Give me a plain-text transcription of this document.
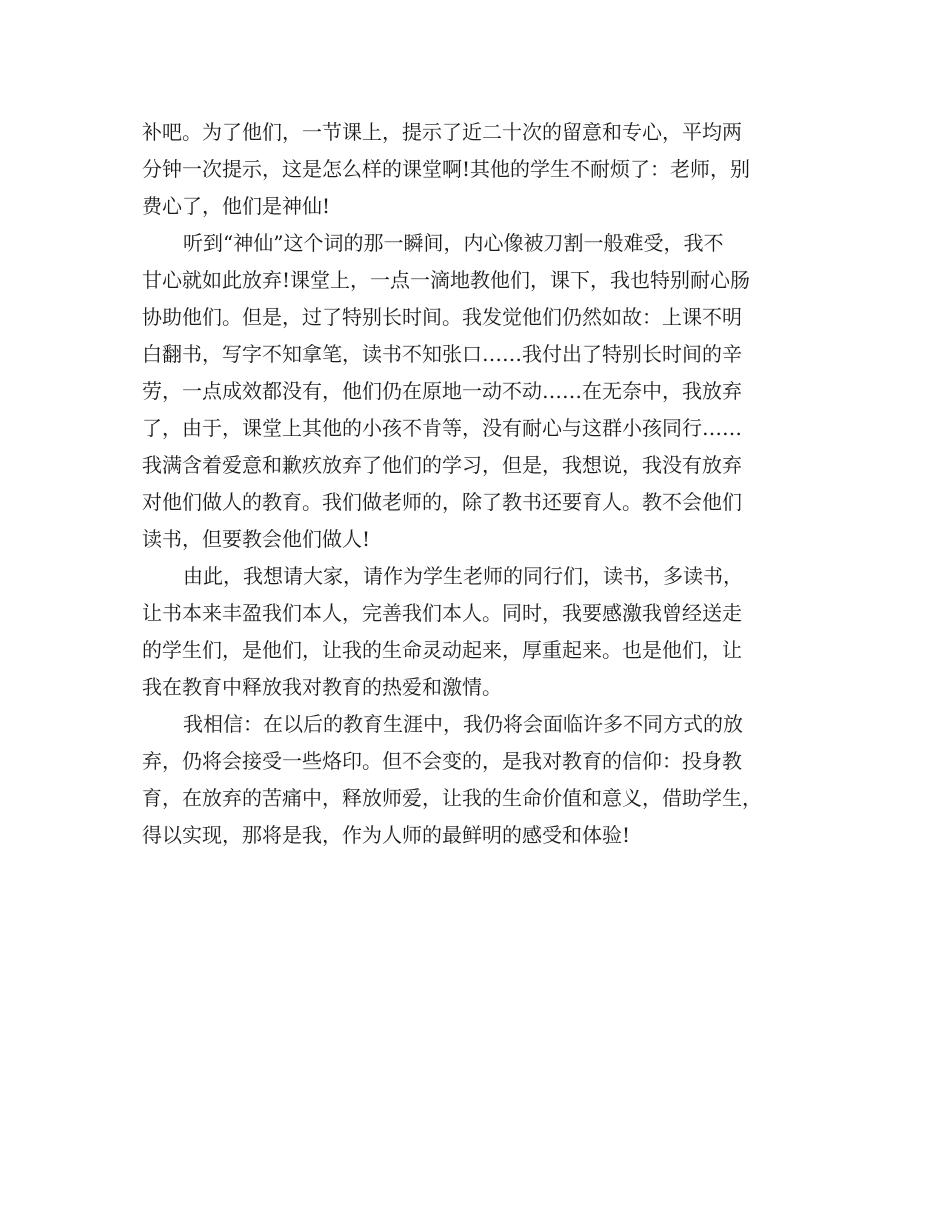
补吧。为了他们，一节课上，提示了近二十次的留意和专心，平均两
分钟一次提示，这是怎么样的课堂啊!其他的学生不耐烦了：老师，别
费心了，他们是神仙!
听到“神仙”这个词的那一瞬间，内心像被刀割一般难受，我不
甘心就如此放弃!课堂上，一点一滴地教他们，课下，我也特别耐心肠
协助他们。但是，过了特别长时间。我发觉他们仍然如故：上课不明
白翻书，写字不知拿笔，读书不知张口……我付出了特别长时间的辛
劳，一点成效都没有，他们仍在原地一动不动……在无奈中，我放弃
了，由于，课堂上其他的小孩不肯等，没有耐心与这群小孩同行……
我满含着爱意和歉疚放弃了他们的学习，但是，我想说，我没有放弃
对他们做人的教育。我们做老师的，除了教书还要育人。教不会他们
读书，但要教会他们做人!
由此，我想请大家，请作为学生老师的同行们，读书，多读书，
让书本来丰盈我们本人，完善我们本人。同时，我要感激我曾经送走
的学生们，是他们，让我的生命灵动起来，厚重起来。也是他们，让
我在教育中释放我对教育的热爱和激情。
我相信：在以后的教育生涯中，我仍将会面临许多不同方式的放
弃，仍将会接受一些烙印。但不会变的，是我对教育的信仰：投身教
育，在放弃的苦痛中，释放师爱，让我的生命价值和意义，借助学生，
得以实现，那将是我，作为人师的最鲜明的感受和体验!
